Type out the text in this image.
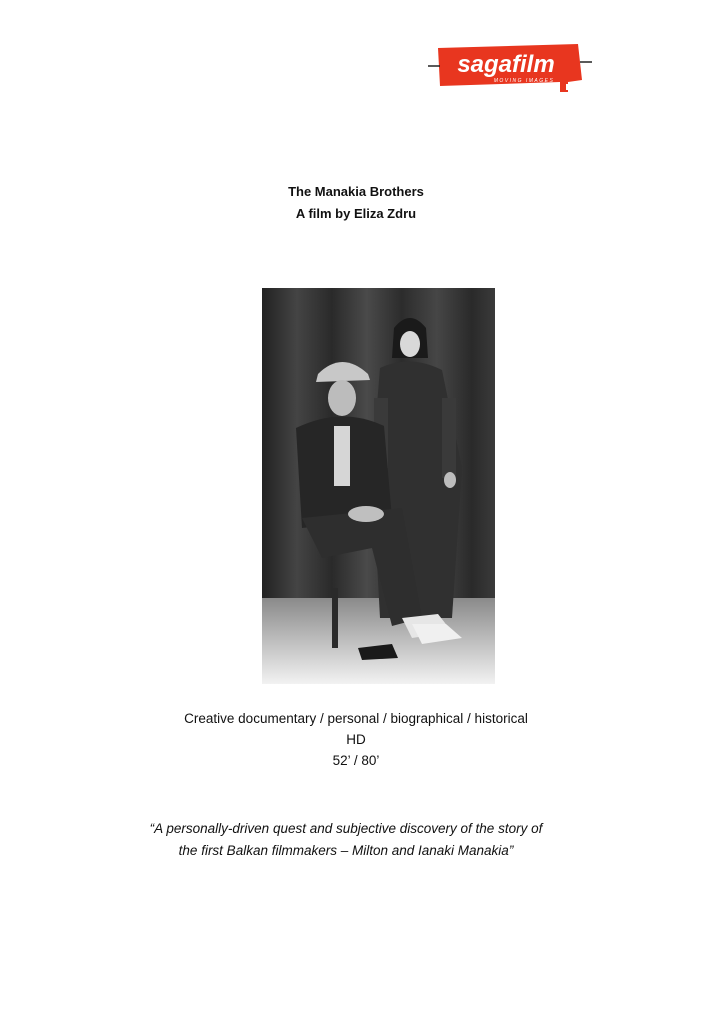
sagafilm
MOVING IMAGES
The Manakia Brothers
A film by Eliza Zdru
Creative documentary / personal / biographical / historical
HD
52’ / 80’
“A personally-driven quest and subjective discovery of the story of
the first Balkan filmmakers – Milton and Ianaki Manakia”
